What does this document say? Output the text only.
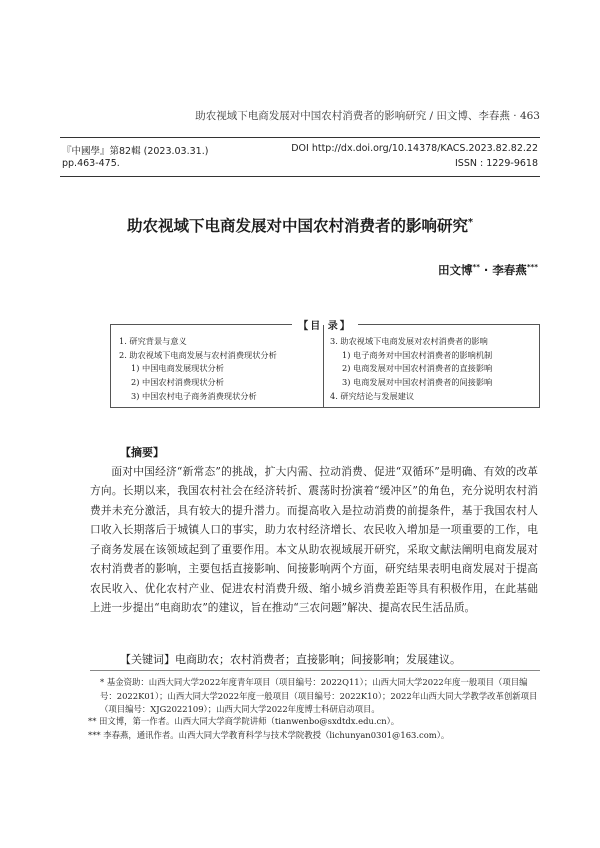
助农视域下电商发展对中国农村消费者的影响研究 / 田文博、李春燕 · 463
『中國學』第82輯 (2023.03.31.)
pp.463-475.
DOI http://dx.doi.org/10.14378/KACS.2023.82.82.22
ISSN : 1229-9618
助农视域下电商发展对中国农村消费者的影响研究*
田文博** · 李春燕***
【目 录】
1. 研究背景与意义
2. 助农视域下电商发展与农村消费现状分析
1) 中国电商发展现状分析
2) 中国农村消费现状分析
3) 中国农村电子商务消费现状分析
3. 助农视域下电商发展对农村消费者的影响
1) 电子商务对中国农村消费者的影响机制
2) 电商发展对中国农村消费者的直接影响
3) 电商发展对中国农村消费者的间接影响
4. 研究结论与发展建议
【摘要】
面对中国经济“新常态”的挑战，扩大内需、拉动消费、促进“双循环”是明确、有效的改革方向。长期以来，我国农村社会在经济转折、震荡时扮演着“缓冲区”的角色，充分说明农村消费并未充分激活，具有较大的提升潜力。而提高收入是拉动消费的前提条件，基于我国农村人口收入长期落后于城镇人口的事实，助力农村经济增长、农民收入增加是一项重要的工作，电子商务发展在该领域起到了重要作用。本文从助农视域展开研究，采取文献法阐明电商发展对农村消费者的影响，主要包括直接影响、间接影响两个方面，研究结果表明电商发展对于提高农民收入、优化农村产业、促进农村消费升级、缩小城乡消费差距等具有积极作用，在此基础上进一步提出“电商助农”的建议，旨在推动“三农问题”解决、提高农民生活品质。
【关键词】电商助农；农村消费者；直接影响；间接影响；发展建议。
* 基金资助：山西大同大学2022年度青年项目（项目编号：2022Q11）；山西大同大学2022年度一般项目（项目编号：2022K01）；山西大同大学2022年度一般项目（项目编号：2022K10）；2022年山西大同大学教学改革创新项目（项目编号：XJG2022109）；山西大同大学2022年度博士科研启动项目。
** 田文博，第一作者。山西大同大学商学院讲师（tianwenbo@sxdtdx.edu.cn）。
*** 李春燕，通讯作者。山西大同大学教育科学与技术学院教授（lichunyan0301@163.com）。
